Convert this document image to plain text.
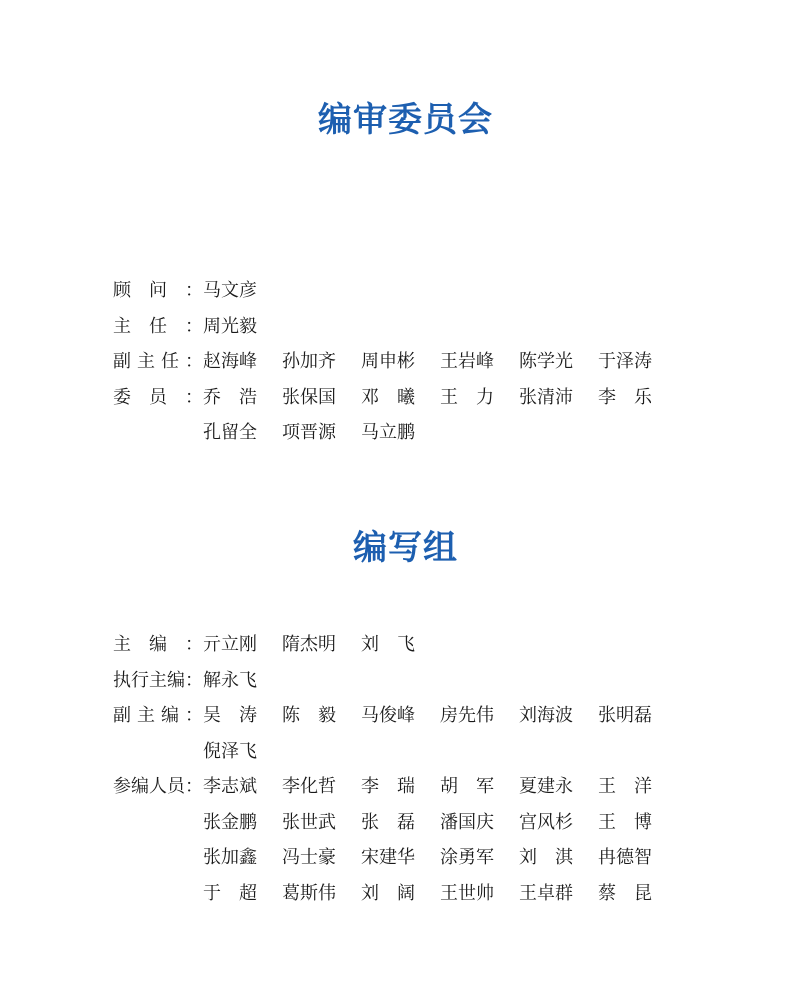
编审委员会
顾 问 ： 马文彦
主 任 ： 周光毅
副 主 任 ： 赵海峰	孙加齐	周申彬	王岩峰	陈学光	于泽涛
委 员 ： 乔　浩	张保国	邓　曦	王　力	张清沛	李　乐
孔留全	项晋源	马立鹏
编写组
主 编 ： 亓立刚	隋杰明	刘　飞
执 行 主 编 ： 解永飞
副 主 编 ： 吴　涛	陈　毅	马俊峰	房先伟	刘海波	张明磊
倪泽飞
参 编 人 员 ： 李志斌	李化哲	李　瑞	胡　军	夏建永	王　洋
张金鹏	张世武	张　磊	潘国庆	宫风杉	王　博
张加鑫	冯士豪	宋建华	涂勇军	刘　淇	冉德智
于　超	葛斯伟	刘　阔	王世帅	王卓群	蔡　昆
